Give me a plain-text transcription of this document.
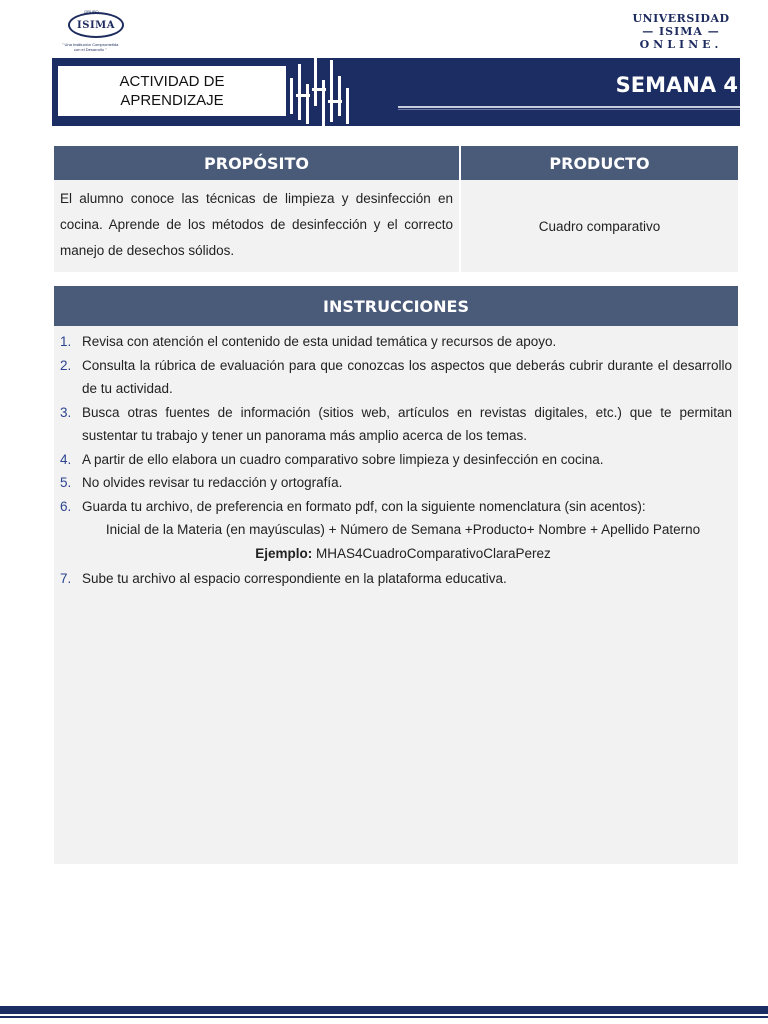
GRUPO
ISIMA
" Una Institución Comprometida
con el Desarrollo "
UNIVERSIDAD
— ISIMA —
ONLINE.
ACTIVIDAD DE
APRENDIZAJE
SEMANA 4
PROPÓSITO	PRODUCTO
El alumno conoce las técnicas de limpieza y desinfección en cocina. Aprende de los métodos de desinfección y el correcto manejo de desechos sólidos.
Cuadro comparativo
INSTRUCCIONES
1. Revisa con atención el contenido de esta unidad temática y recursos de apoyo.
2. Consulta la rúbrica de evaluación para que conozcas los aspectos que deberás cubrir durante el desarrollo de tu actividad.
3. Busca otras fuentes de información (sitios web, artículos en revistas digitales, etc.) que te permitan sustentar tu trabajo y tener un panorama más amplio acerca de los temas.
4. A partir de ello elabora un cuadro comparativo sobre limpieza y desinfección en cocina.
5. No olvides revisar tu redacción y ortografía.
6. Guarda tu archivo, de preferencia en formato pdf, con la siguiente nomenclatura (sin acentos):
Inicial de la Materia (en mayúsculas) + Número de Semana +Producto+ Nombre + Apellido Paterno
Ejemplo: MHAS4CuadroComparativoClaraPerez
7. Sube tu archivo al espacio correspondiente en la plataforma educativa.
